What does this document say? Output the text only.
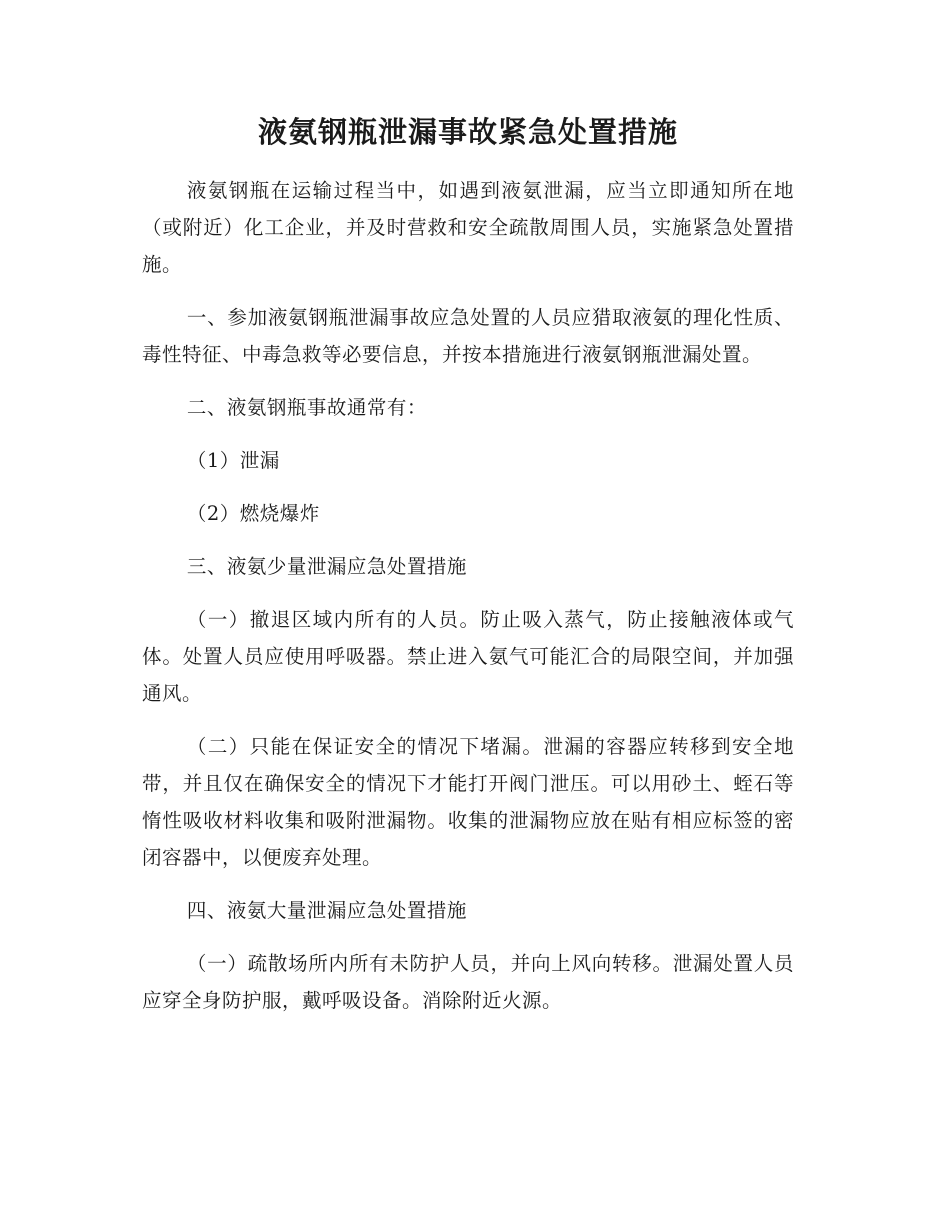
液氨钢瓶泄漏事故紧急处置措施

液氨钢瓶在运输过程当中，如遇到液氨泄漏，应当立即通知所在地（或附近）化工企业，并及时营救和安全疏散周围人员，实施紧急处置措施。

一、参加液氨钢瓶泄漏事故应急处置的人员应猎取液氨的理化性质、毒性特征、中毒急救等必要信息，并按本措施进行液氨钢瓶泄漏处置。

二、液氨钢瓶事故通常有：

（1）泄漏

（2）燃烧爆炸

三、液氨少量泄漏应急处置措施

（一）撤退区域内所有的人员。防止吸入蒸气，防止接触液体或气体。处置人员应使用呼吸器。禁止进入氨气可能汇合的局限空间，并加强通风。

（二）只能在保证安全的情况下堵漏。泄漏的容器应转移到安全地带，并且仅在确保安全的情况下才能打开阀门泄压。可以用砂土、蛭石等惰性吸收材料收集和吸附泄漏物。收集的泄漏物应放在贴有相应标签的密闭容器中，以便废弃处理。

四、液氨大量泄漏应急处置措施

（一）疏散场所内所有未防护人员，并向上风向转移。泄漏处置人员应穿全身防护服，戴呼吸设备。消除附近火源。
